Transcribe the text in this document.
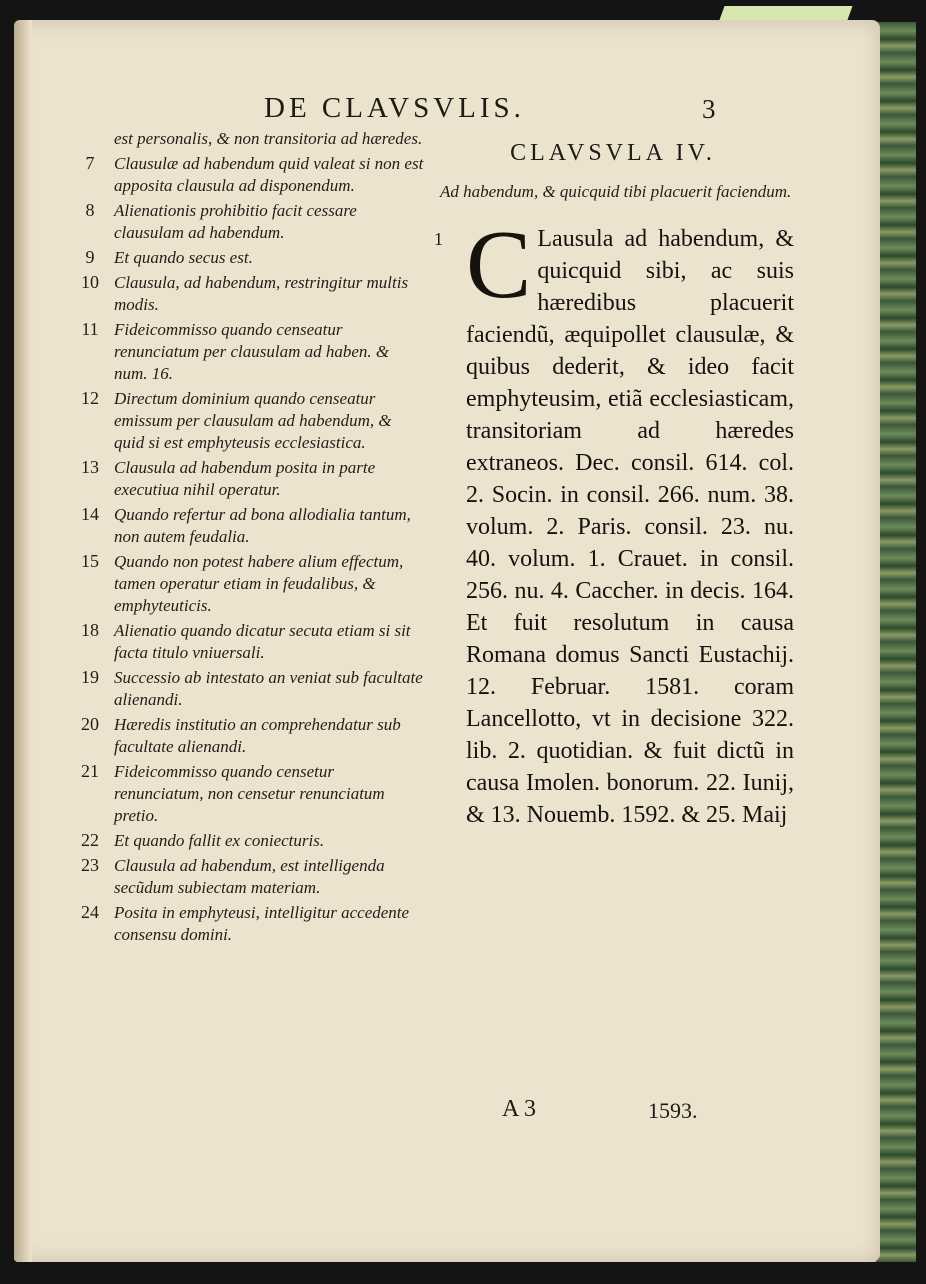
DE CLAVSVLIS.	3
est personalis, & non transitoria ad hæredes.
7	Clausulæ ad habendum quid valeat si non est apposita clausula ad disponendum.
8	Alienationis prohibitio facit cessare clausulam ad habendum.
9	Et quando secus est.
10 Clausula, ad habendum, restringitur multis modis.
11 Fideicommisso quando censeatur renunciatum per clausulam ad haben. & num. 16.
12 Directum dominium quando censeatur emissum per clausulam ad habendum, & quid si est emphyteusis ecclesiastica.
13 Clausula ad habendum posita in parte executiua nihil operatur.
14 Quando refertur ad bona allodialia tantum, non autem feudalia.
15 Quando non potest habere alium effectum, tamen operatur etiam in feudalibus, & emphyteuticis.
18 Alienatio quando dicatur secuta etiam si sit facta titulo vniuersali.
19 Successio ab intestato an veniat sub facultate alienandi.
20 Hæredis institutio an comprehendatur sub facultate alienandi.
21 Fideicommisso quando censetur renunciatum, non censetur renunciatum pretio.
22 Et quando fallit ex coniecturis.
23 Clausula ad habendum, est intelligenda secũdum subiectam materiam.
24 Posita in emphyteusi, intelligitur accedente consensu domini.
CLAVSVLA IV.
Ad habendum, & quicquid tibi placuerit faciendum.
1 C Lausula ad habendum, & quicquid sibi, ac suis hæredibus placuerit faciendũ, æquipollet clausulæ, & quibus dederit, & ideo facit emphyteusim, etiã ecclesiasticam, transitoriam ad hæredes extraneos. Dec. consil. 614. col. 2. Socin. in consil. 266. num. 38. volum. 2. Paris. consil. 23. nu. 40. volum. 1. Crauet. in consil. 256. nu. 4. Caccher. in decis. 164. Et fuit resolutum in causa Romana domus Sancti Eustachij. 12. Februar. 1581. coram Lancellotto, vt in decisione 322. lib. 2. quotidian. & fuit dictũ in causa Imolen. bonorum. 22. Iunij, & 13. Nouemb. 1592. & 25. Maij
A 3	1593.
